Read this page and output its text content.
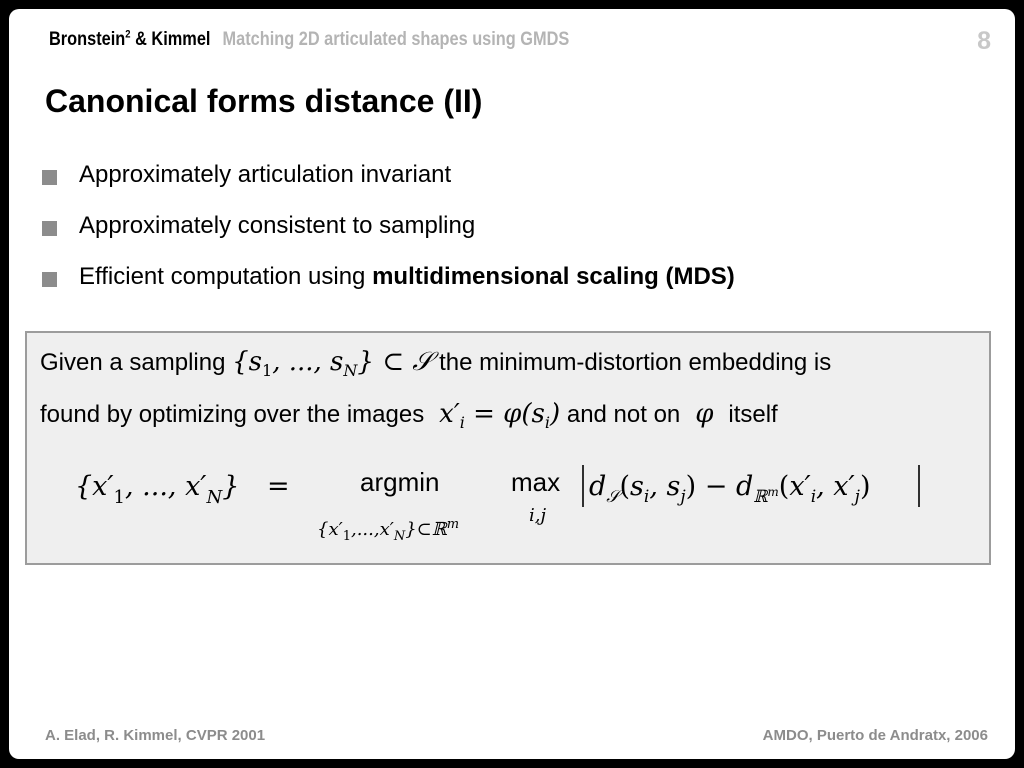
Bronstein$^2$ & Kimmel Matching 2D articulated shapes using GMDS	8
Canonical forms distance (II)
Approximately articulation invariant
Approximately consistent to sampling
Efficient computation using multidimensional scaling (MDS)
Given a sampling {$s_1$, ..., $s_N$} ⊂ 𝒮 the minimum-distortion embedding is
found by optimizing over the images  $x'_i = \varphi(s_i)$ and not on  φ  itself
{$x'_1$, ..., $x'_N$} =	argmin
$\{x'_1,...,x'_N\}\subset ℝ^m$
max
i,j
$d_𝒮(s_i$, $s_j) - d_ℝ^m(x'_i$, $x'_j$)
A. Elad, R. Kimmel, CVPR 2001	AMDO, Puerto de Andratx, 2006
